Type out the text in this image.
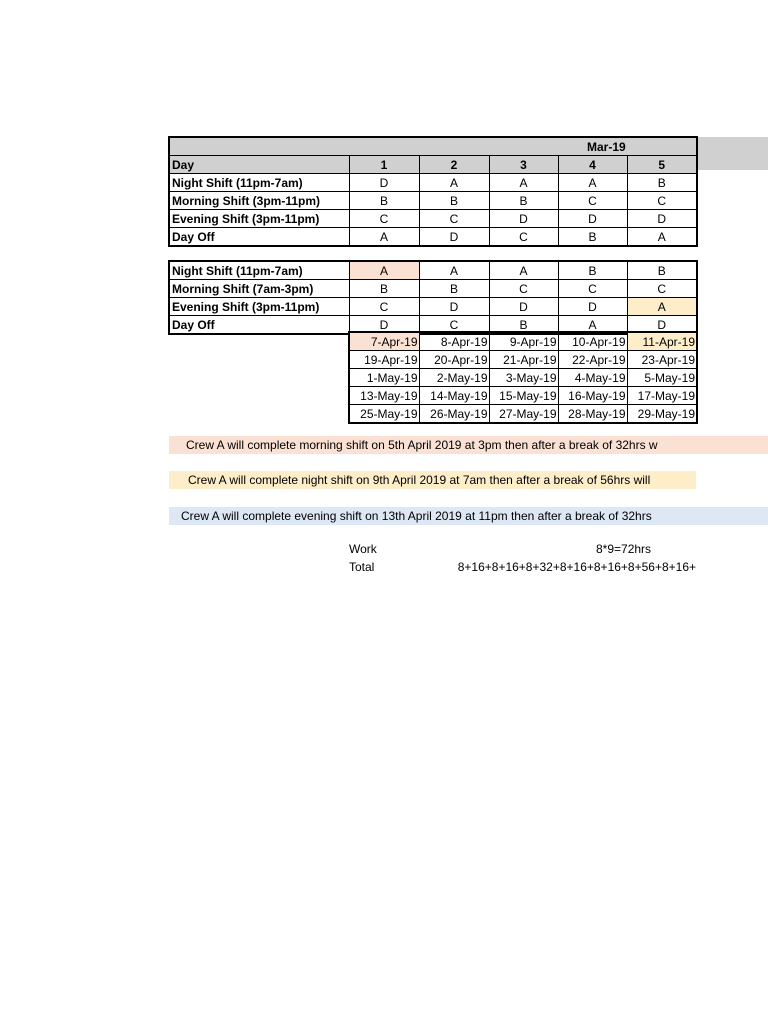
Mar-19					
Day	1	2	3	4	5
Night Shift (11pm-7am)	D	A	A	A	B
Morning Shift (3pm-11pm)	B	B	B	C	C
Evening Shift (3pm-11pm)	C	C	D	D	D
Day Off	A	D	C	B	A
Night Shift (11pm-7am)	A	A	A	B	B
Morning Shift (7am-3pm)	B	B	C	C	C
Evening Shift (3pm-11pm)	C	D	D	D	A
Day Off	D	C	B	A	D
7-Apr-19	8-Apr-19	9-Apr-19	10-Apr-19	11-Apr-19
19-Apr-19	20-Apr-19	21-Apr-19	22-Apr-19	23-Apr-19
1-May-19	2-May-19	3-May-19	4-May-19	5-May-19
13-May-19	14-May-19	15-May-19	16-May-19	17-May-19
25-May-19	26-May-19	27-May-19	28-May-19	29-May-19
Crew A will complete morning shift on 5th April 2019 at 3pm then after a break of 32hrs w
Crew A will complete night shift on 9th April 2019 at 7am then after a break of 56hrs will
Crew A will complete evening shift on 13th April 2019 at 11pm then after a break of 32hrs
Work	8*9=72hrs
Total	8+16+8+16+8+32+8+16+8+16+8+56+8+16+
